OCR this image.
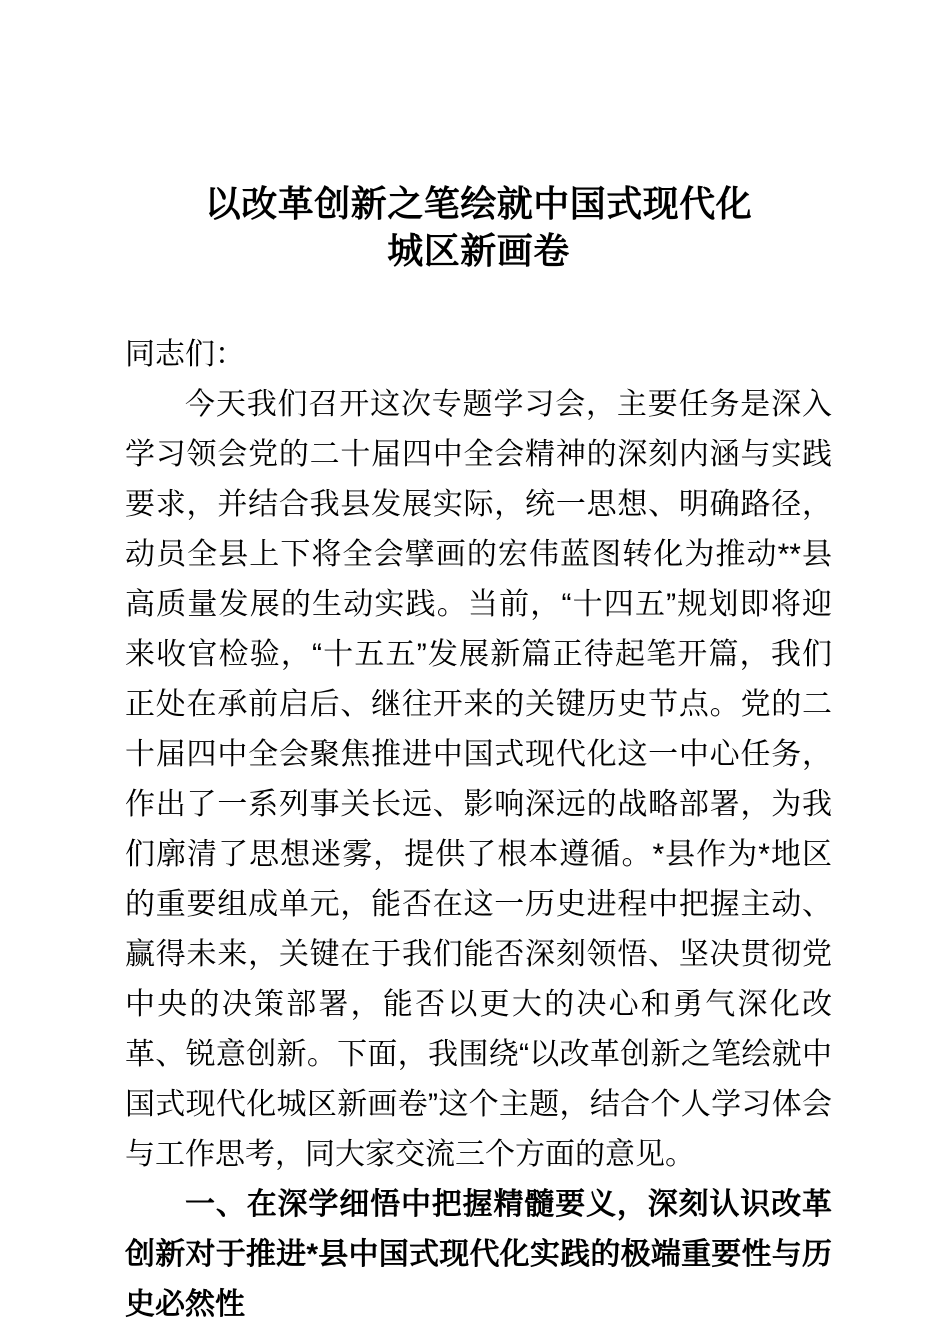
以改革创新之笔绘就中国式现代化
城区新画卷

同志们：

今天我们召开这次专题学习会，主要任务是深入学习领会党的二十届四中全会精神的深刻内涵与实践要求，并结合我县发展实际，统一思想、明确路径，动员全县上下将全会擘画的宏伟蓝图转化为推动**县高质量发展的生动实践。当前，“十四五”规划即将迎来收官检验，“十五五”发展新篇正待起笔开篇，我们正处在承前启后、继往开来的关键历史节点。党的二十届四中全会聚焦推进中国式现代化这一中心任务，作出了一系列事关长远、影响深远的战略部署，为我们廓清了思想迷雾，提供了根本遵循。*县作为*地区的重要组成单元，能否在这一历史进程中把握主动、赢得未来，关键在于我们能否深刻领悟、坚决贯彻党中央的决策部署，能否以更大的决心和勇气深化改革、锐意创新。下面，我围绕“以改革创新之笔绘就中国式现代化城区新画卷”这个主题，结合个人学习体会与工作思考，同大家交流三个方面的意见。

一、在深学细悟中把握精髓要义，深刻认识改革创新对于推进*县中国式现代化实践的极端重要性与历史必然性
